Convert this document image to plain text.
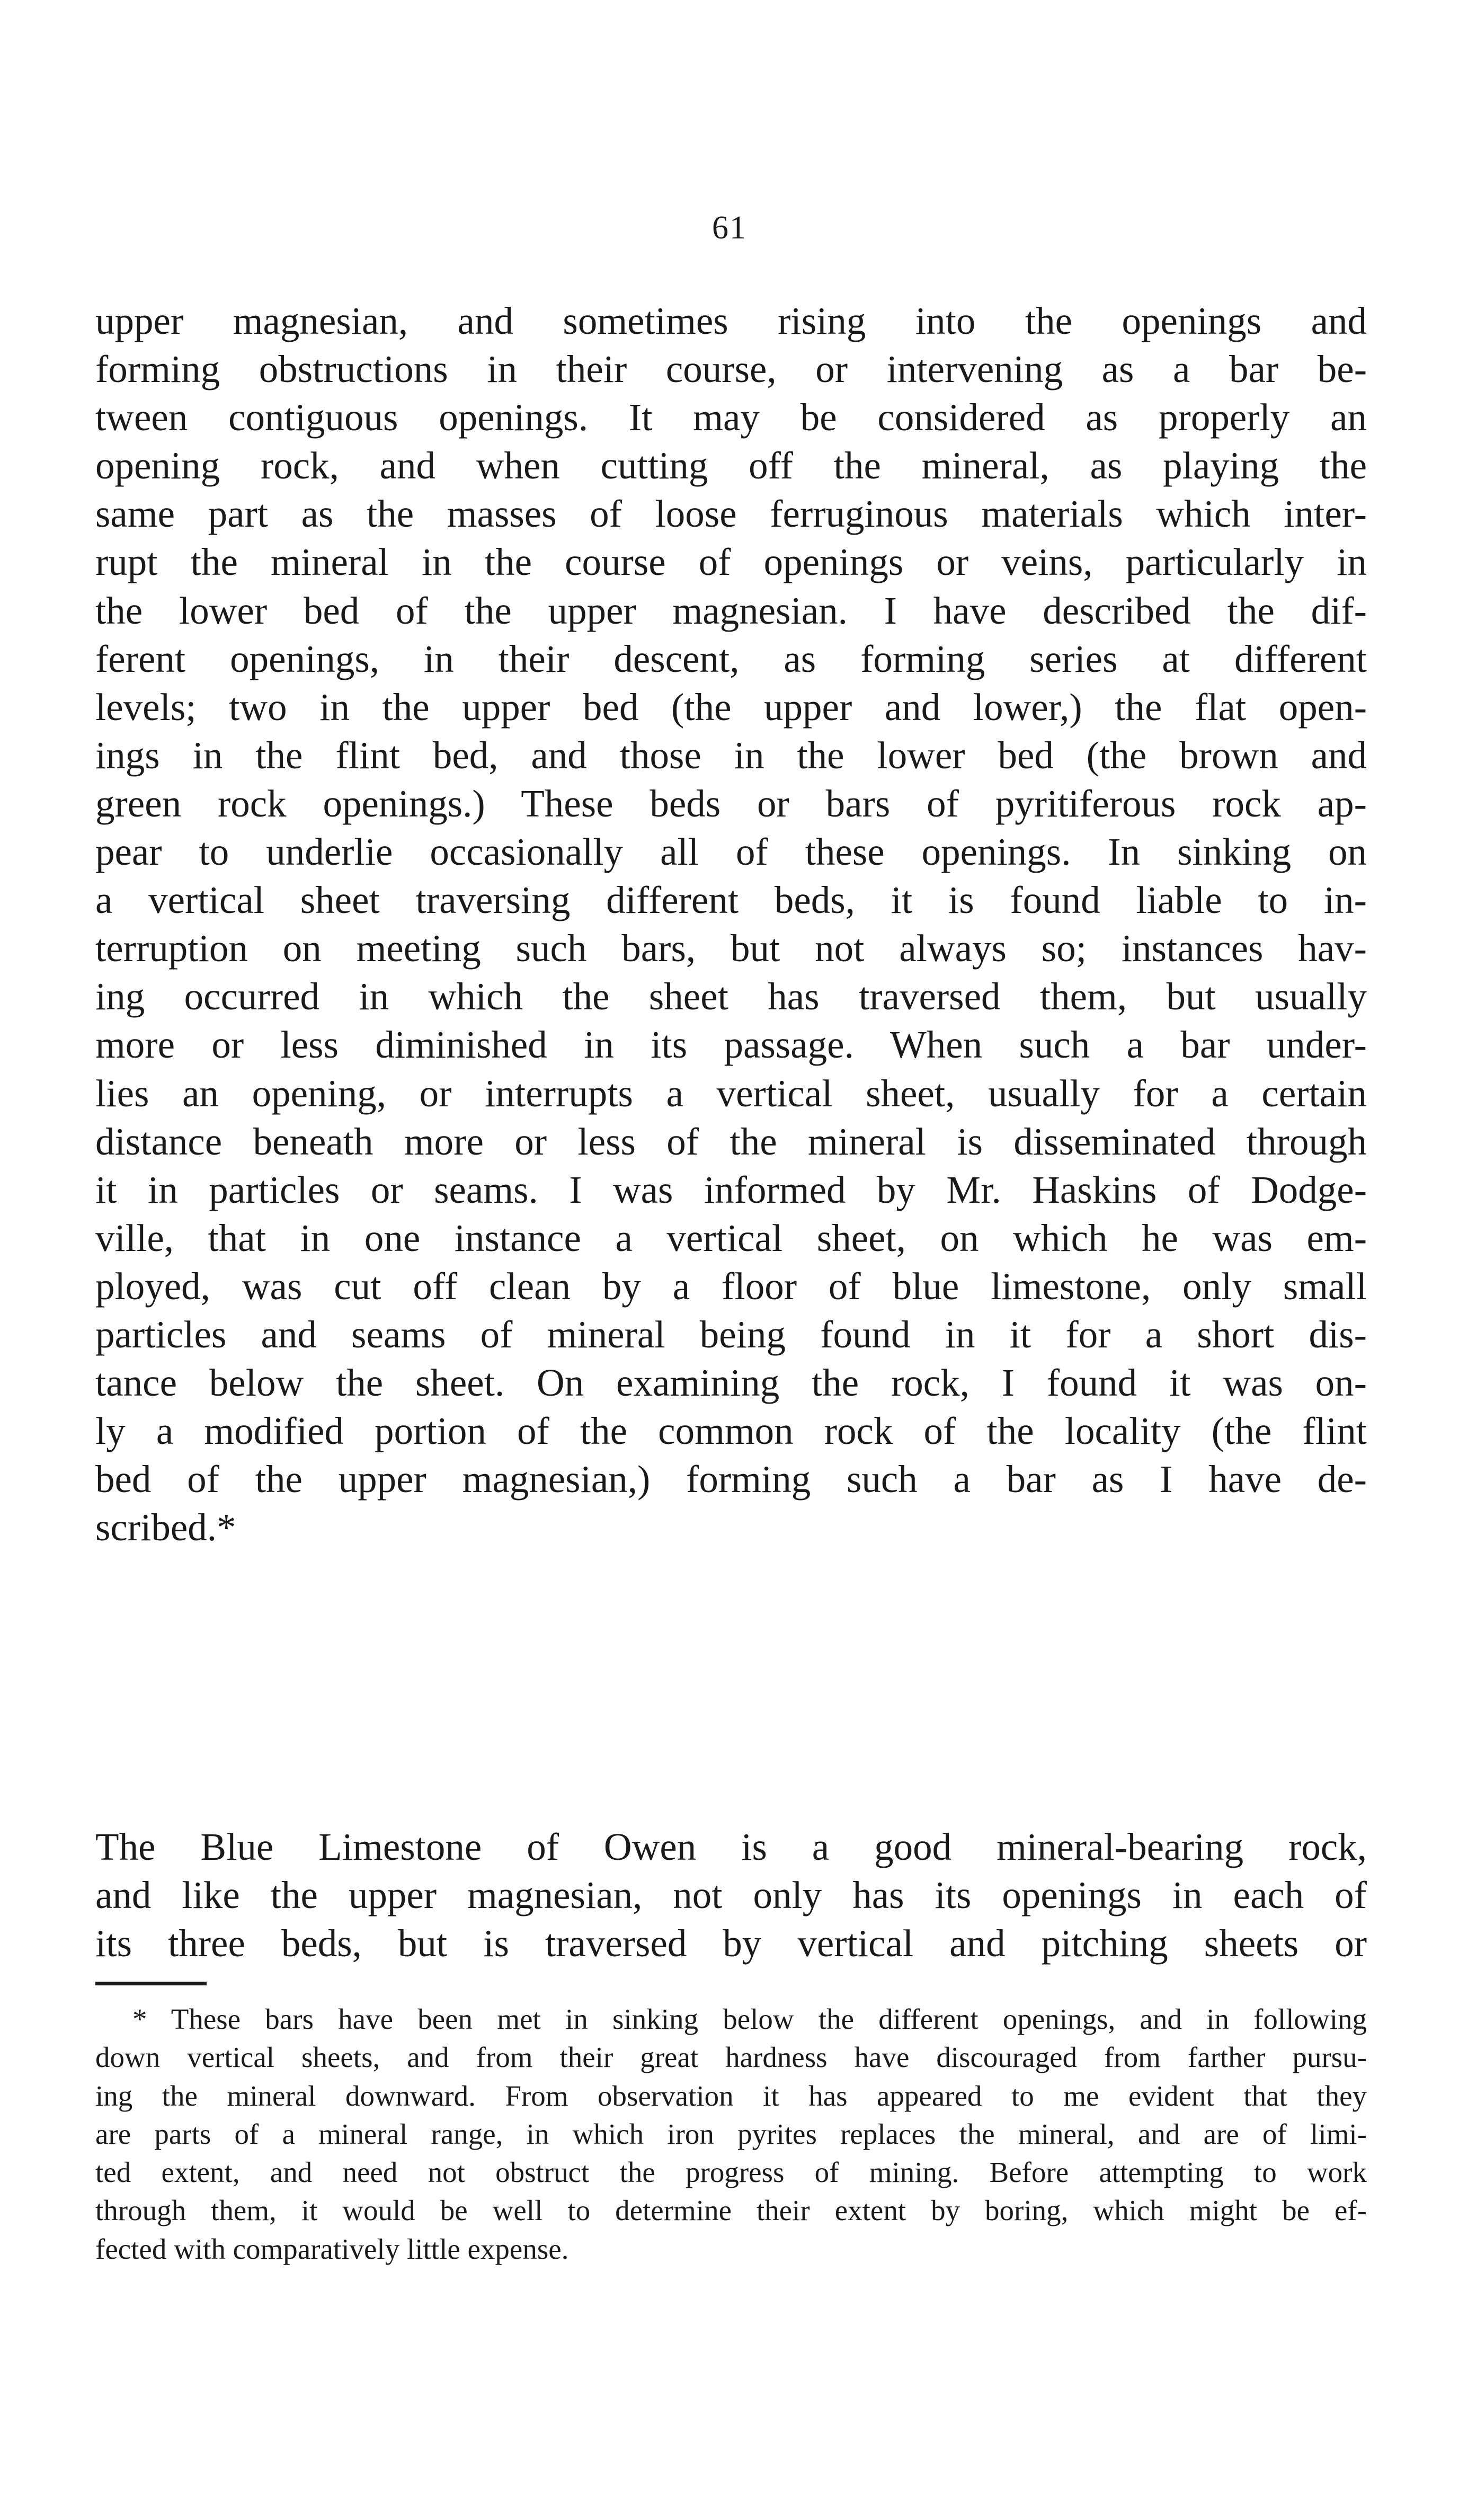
61
upper magnesian, and sometimes rising into the openings and
forming obstructions in their course, or intervening as a bar be-
tween contiguous openings. It may be considered as properly an
opening rock, and when cutting off the mineral, as playing the
same part as the masses of loose ferruginous materials which inter-
rupt the mineral in the course of openings or veins, particularly in
the lower bed of the upper magnesian. I have described the dif-
ferent openings, in their descent, as forming series at different
levels; two in the upper bed (the upper and lower,) the flat open-
ings in the flint bed, and those in the lower bed (the brown and
green rock openings.) These beds or bars of pyritiferous rock ap-
pear to underlie occasionally all of these openings. In sinking on
a vertical sheet traversing different beds, it is found liable to in-
terruption on meeting such bars, but not always so; instances hav-
ing occurred in which the sheet has traversed them, but usually
more or less diminished in its passage. When such a bar under-
lies an opening, or interrupts a vertical sheet, usually for a certain
distance beneath more or less of the mineral is disseminated through
it in particles or seams. I was informed by Mr. Haskins of Dodge-
ville, that in one instance a vertical sheet, on which he was em-
ployed, was cut off clean by a floor of blue limestone, only small
particles and seams of mineral being found in it for a short dis-
tance below the sheet. On examining the rock, I found it was on-
ly a modified portion of the common rock of the locality (the flint
bed of the upper magnesian,) forming such a bar as I have de-
scribed.*
The Blue Limestone of Owen is a good mineral-bearing rock,
and like the upper magnesian, not only has its openings in each of
its three beds, but is traversed by vertical and pitching sheets or
* These bars have been met in sinking below the different openings, and in following
down vertical sheets, and from their great hardness have discouraged from farther pursu-
ing the mineral downward. From observation it has appeared to me evident that they
are parts of a mineral range, in which iron pyrites replaces the mineral, and are of limi-
ted extent, and need not obstruct the progress of mining. Before attempting to work
through them, it would be well to determine their extent by boring, which might be ef-
fected with comparatively little expense.
